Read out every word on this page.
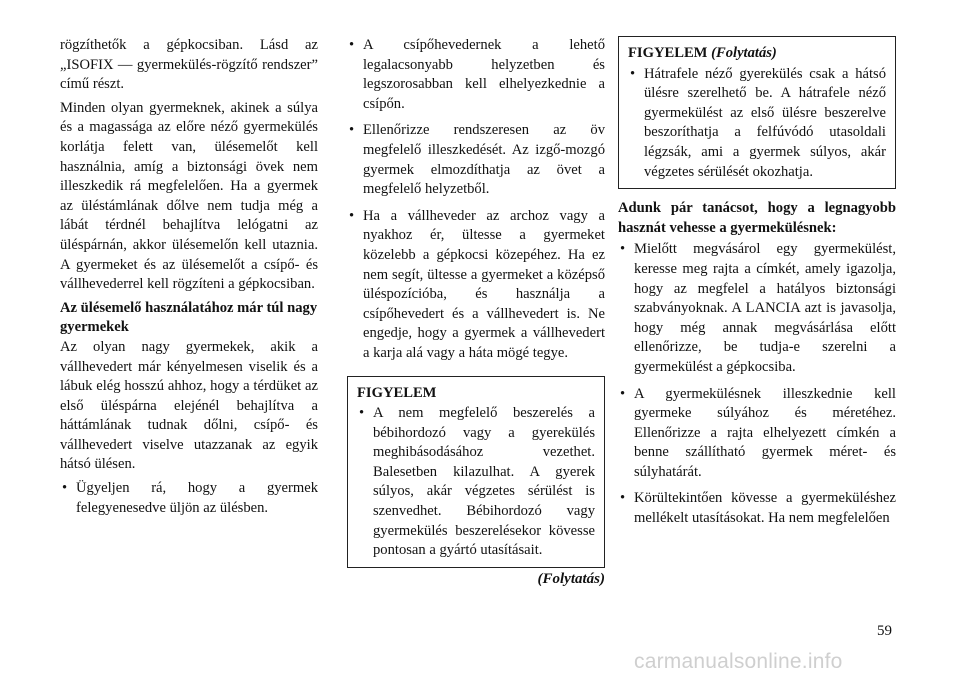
rögzíthetők a gépkocsiban. Lásd az „ISOFIX — gyermekülés-rögzítő rendszer” című részt.

Minden olyan gyermeknek, akinek a súlya és a magassága az előre néző gyermekülés korlátja felett van, ülésemelőt kell használnia, amíg a biztonsági övek nem illeszkedik rá megfelelően. Ha a gyermek az üléstámlának dőlve nem tudja még a lábát térdnél behajlítva lelógatni az üléspárnán, akkor ülésemelőn kell utaznia. A gyermeket és az ülésemelőt a csípő- és vállhevederrel kell rögzíteni a gépkocsiban.

Az ülésemelő használatához már túl nagy gyermekek

Az olyan nagy gyermekek, akik a vállhevedert már kényelmesen viselik és a lábuk elég hosszú ahhoz, hogy a térdüket az első üléspárna elejénél behajlítva a háttámlának tudnak dőlni, csípő- és vállhevedert viselve utazzanak az egyik hátsó ülésen.

• Ügyeljen rá, hogy a gyermek felegyenesedve üljön az ülésben.
• A csípőhevedernek a lehető legalacsonyabb helyzetben és legszorosabban kell elhelyezkednie a csípőn.
• Ellenőrizze rendszeresen az öv megfelelő illeszkedését. Az izgő-mozgó gyermek elmozdíthatja az övet a megfelelő helyzetből.
• Ha a vállheveder az archoz vagy a nyakhoz ér, ültesse a gyermeket közelebb a gépkocsi közepéhez. Ha ez nem segít, ültesse a gyermeket a középső üléspozícióba, és használja a csípőhevedert és a vállhevedert is. Ne engedje, hogy a gyermek a vállhevedert a karja alá vagy a háta mögé tegye.
FIGYELEM
• A nem megfelelő beszerelés a bébihordozó vagy a gyerekülés meghibásodásához vezethet. Balesetben kilazulhat. A gyerek súlyos, akár végzetes sérülést is szenvedhet. Bébihordozó vagy gyermekülés beszerelésekor kövesse pontosan a gyártó utasításait.
(Folytatás)
FIGYELEM (Folytatás)
• Hátrafele néző gyerekülés csak a hátsó ülésre szerelhető be. A hátrafele néző gyermekülést az első ülésre beszerelve beszoríthatja a felfúvódó utasoldali légzsák, ami a gyermek súlyos, akár végzetes sérülését okozhatja.

Adunk pár tanácsot, hogy a legnagyobb hasznát vehesse a gyermekülésnek:

• Mielőtt megvásárol egy gyermekülést, keresse meg rajta a címkét, amely igazolja, hogy az megfelel a hatályos biztonsági szabványoknak. A LANCIA azt is javasolja, hogy még annak megvásárlása előtt ellenőrizze, be tudja-e szerelni a gyermekülést a gépkocsiba.
• A gyermekülésnek illeszkednie kell gyermeke súlyához és méretéhez. Ellenőrizze a rajta elhelyezett címkén a benne szállítható gyermek méret- és súlyhatárát.
• Körültekintően kövesse a gyermeküléshez mellékelt utasításokat. Ha nem megfelelően
59
carmanualsonline.info
